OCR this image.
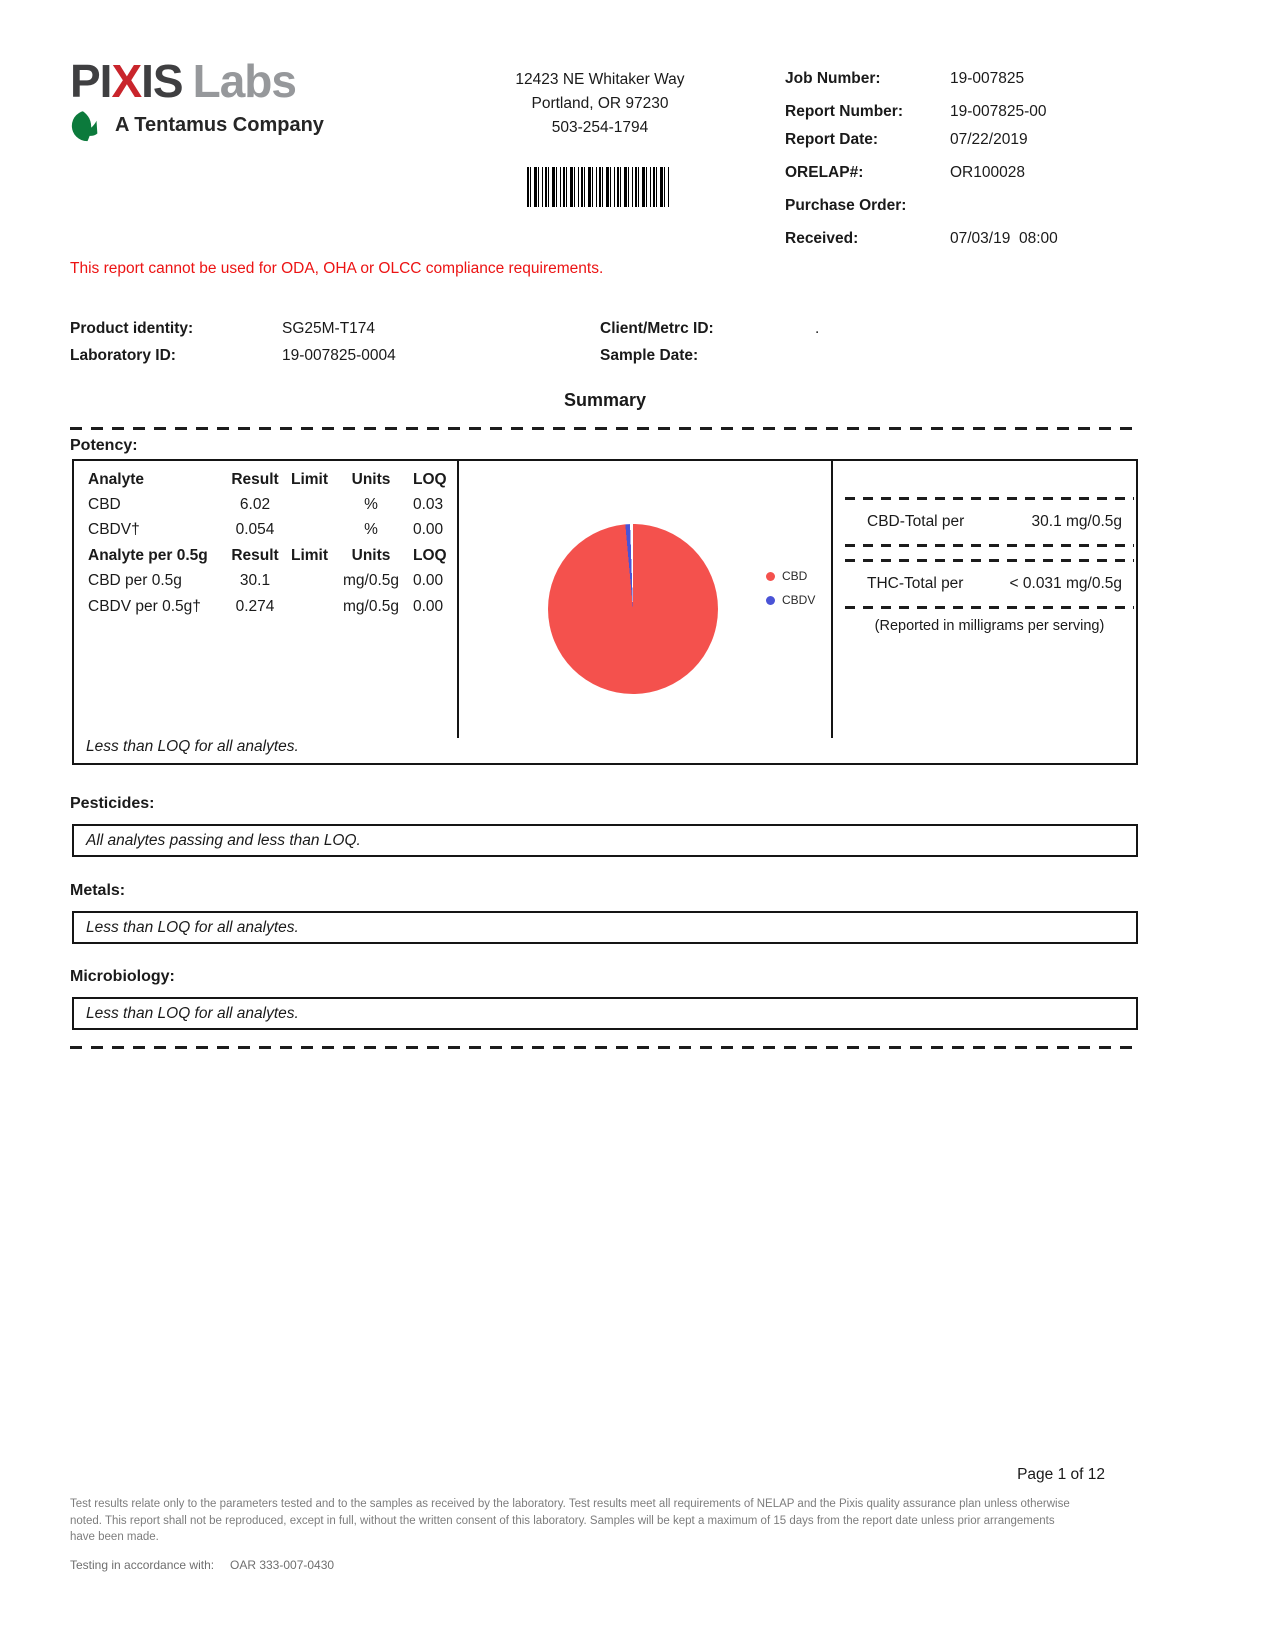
PIXIS Labs
A Tentamus Company
12423 NE Whitaker Way
Portland, OR 97230
503-254-1794
Job Number:	19-007825
Report Number:	19-007825-00
Report Date:	07/22/2019
ORELAP#:	OR100028
Purchase Order:
Received:	07/03/19  08:00
This report cannot be used for ODA, OHA or OLCC compliance requirements.
Product identity:	SG25M-T174
Laboratory ID:	19-007825-0004
Client/Metrc ID:	.
Sample Date:
Summary
Potency:
Analyte	Result Limit	Units	LOQ
CBD	6.02	%	0.03
CBDV†	0.054	%	0.00
Analyte per 0.5g	Result Limit	Units	LOQ
CBD per 0.5g	30.1	mg/0.5g 0.00
CBDV per 0.5g†	0.274	mg/0.5g 0.00
CBD
CBDV
CBD-Total per	30.1 mg/0.5g
THC-Total per	< 0.031 mg/0.5g
(Reported in milligrams per serving)
Less than LOQ for all analytes.
Pesticides:
All analytes passing and less than LOQ.
Metals:
Less than LOQ for all analytes.
Microbiology:
Less than LOQ for all analytes.
Page 1 of 12
Test results relate only to the parameters tested and to the samples as received by the laboratory. Test results meet all requirements of NELAP and the Pixis quality assurance plan unless otherwise noted. This report shall not be reproduced, except in full, without the written consent of this laboratory. Samples will be kept a maximum of 15 days from the report date unless prior arrangements have been made.
Testing in accordance with:	OAR 333-007-0430
